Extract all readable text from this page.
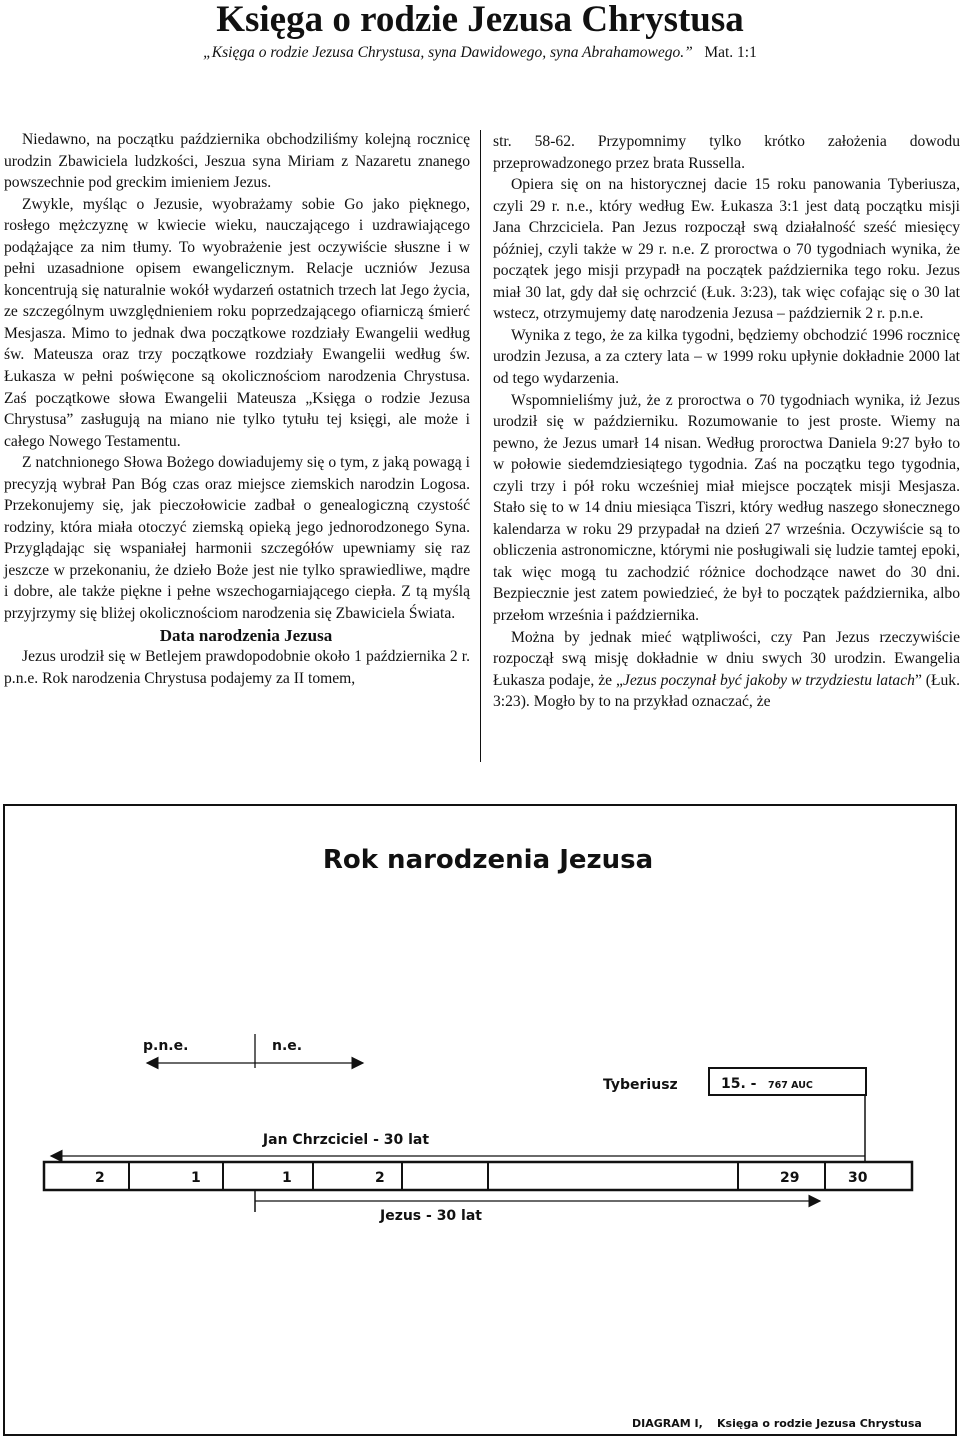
Księga o rodzie Jezusa Chrystusa
„Księga o rodzie Jezusa Chrystusa, syna Dawidowego, syna Abrahamowego.” Mat. 1:1

Niedawno, na początku października obchodziliśmy kolejną rocznicę urodzin Zbawiciela ludzkości, Jeszua syna Miriam z Nazaretu znanego powszechnie pod greckim imieniem Jezus.

Zwykle, myśląc o Jezusie, wyobrażamy sobie Go jako pięknego, rosłego mężczyznę w kwiecie wieku, nauczającego i uzdrawiającego podążające za nim tłumy. To wyobrażenie jest oczywiście słuszne i w pełni uzasadnione opisem ewangelicznym. Relacje uczniów Jezusa koncentrują się naturalnie wokół wydarzeń ostatnich trzech lat Jego życia, ze szczególnym uwzględnieniem roku poprzedzającego ofiarniczą śmierć Mesjasza. Mimo to jednak dwa początkowe rozdziały Ewangelii według św. Mateusza oraz trzy początkowe rozdziały Ewangelii według św. Łukasza w pełni poświęcone są okolicznościom narodzenia Chrystusa. Zaś początkowe słowa Ewangelii Mateusza „Księga o rodzie Jezusa Chrystusa” zasługują na miano nie tylko tytułu tej księgi, ale może i całego Nowego Testamentu.

Z natchnionego Słowa Bożego dowiadujemy się o tym, z jaką powagą i precyzją wybrał Pan Bóg czas oraz miejsce ziemskich narodzin Logosa. Przekonujemy się, jak pieczołowicie zadbał o genealogiczną czystość rodziny, która miała otoczyć ziemską opieką jego jednorodzonego Syna. Przyglądając się wspaniałej harmonii szczegółów upewniamy się raz jeszcze w przekonaniu, że dzieło Boże jest nie tylko sprawiedliwe, mądre i dobre, ale także piękne i pełne wszechogarniającego ciepła. Z tą myślą przyjrzymy się bliżej okolicznościom narodzenia się Zbawiciela Świata.

Data narodzenia Jezusa

Jezus urodził się w Betlejem prawdopodobnie około 1 października 2 r. p.n.e. Rok narodzenia Chrystusa podajemy za II tomem,

str. 58-62. Przypomnimy tylko krótko założenia dowodu przeprowadzonego przez brata Russella.

Opiera się on na historycznej dacie 15 roku panowania Tyberiusza, czyli 29 r. n.e., który według Ew. Łukasza 3:1 jest datą początku misji Jana Chrzciciela. Pan Jezus rozpoczął swą działalność sześć miesięcy później, czyli także w 29 r. n.e. Z proroctwa o 70 tygodniach wynika, że początek jego misji przypadł na początek października tego roku. Jezus miał 30 lat, gdy dał się ochrzcić (Łuk. 3:23), tak więc cofając się o 30 lat wstecz, otrzymujemy datę narodzenia Jezusa – październik 2 r. p.n.e.

Wynika z tego, że za kilka tygodni, będziemy obchodzić 1996 rocznicę urodzin Jezusa, a za cztery lata – w 1999 roku upłynie dokładnie 2000 lat od tego wydarzenia.

Wspomnieliśmy już, że z proroctwa o 70 tygodniach wynika, iż Jezus urodził się w październiku. Rozumowanie to jest proste. Wiemy na pewno, że Jezus umarł 14 nisan. Według proroctwa Daniela 9:27 było to w połowie siedemdziesiątego tygodnia. Zaś na początku tego tygodnia, czyli trzy i pół roku wcześniej miał miejsce początek misji Mesjasza. Stało się to w 14 dniu miesiąca Tiszri, który według naszego słonecznego kalendarza w roku 29 przypadał na dzień 27 września. Oczywiście są to obliczenia astronomiczne, którymi nie posługiwali się ludzie tamtej epoki, tak więc mogą tu zachodzić różnice dochodzące nawet do 30 dni. Bezpiecznie jest zatem powiedzieć, że był to początek października, albo przełom września i października.

Można by jednak mieć wątpliwości, czy Pan Jezus rzeczywiście rozpoczął swą misję dokładnie w dniu swych 30 urodzin. Ewangelia Łukasza podaje, że „Jezus poczynał być jakoby w trzydziestu latach” (Łuk. 3:23). Mogło by to na przykład oznaczać, że

Rok narodzenia Jezusa
p.n.e.	n.e.
Tyberiusz	15. - 767 AUC
Jan Chrzciciel - 30 lat
2	1	1	2	29	30
Jezus - 30 lat
DIAGRAM I, Księga o rodzie Jezusa Chrystusa
